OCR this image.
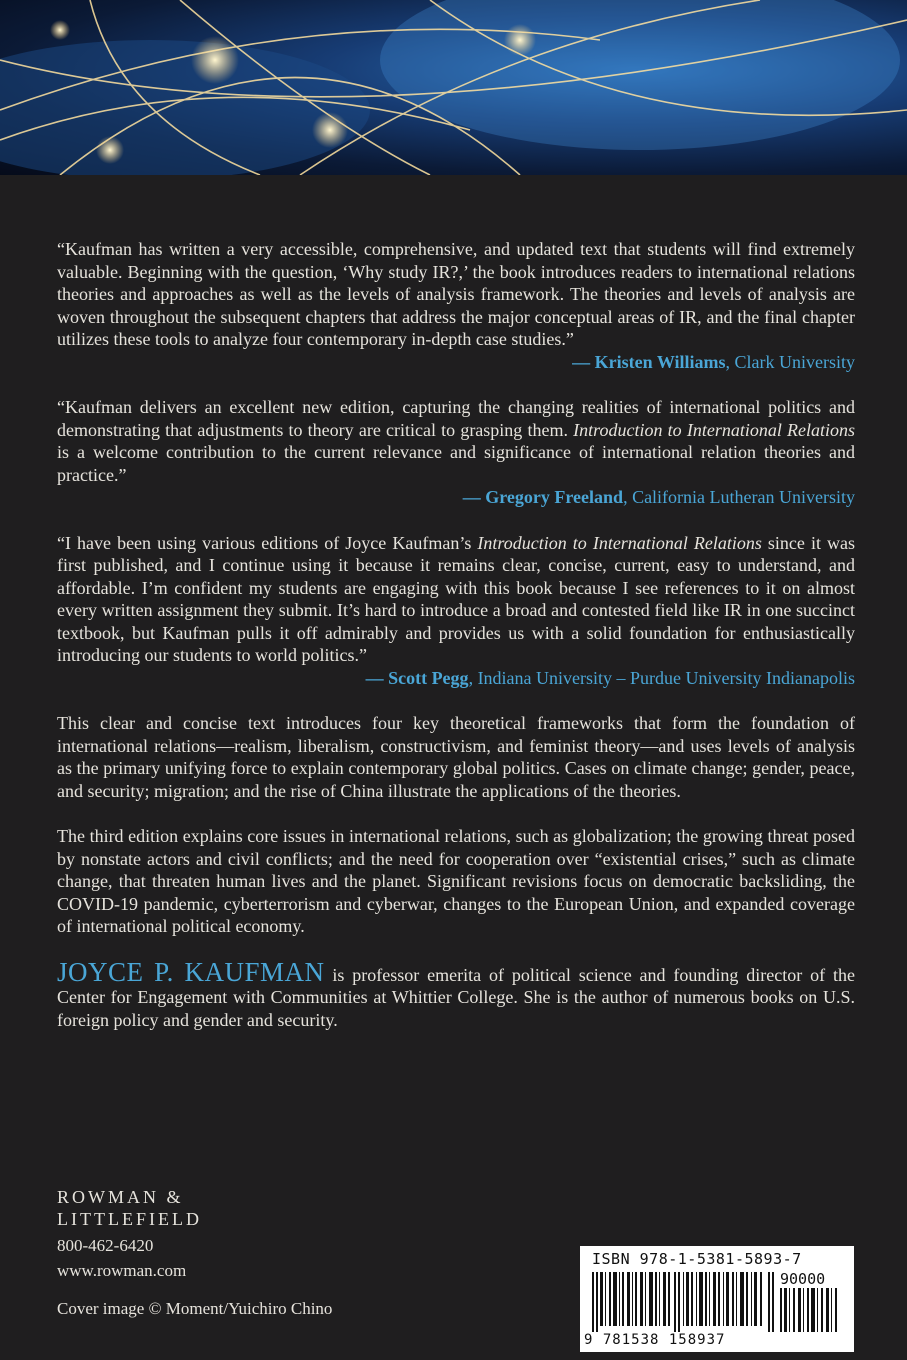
“Kaufman has written a very accessible, comprehensive, and updated text that students will find extremely valuable. Beginning with the question, ‘Why study IR?,’ the book introduces readers to international relations theories and approaches as well as the levels of analysis framework. The theories and levels of analysis are woven throughout the subsequent chapters that address the major conceptual areas of IR, and the final chapter utilizes these tools to analyze four contemporary in-depth case studies.”
— Kristen Williams, Clark University
“Kaufman delivers an excellent new edition, capturing the changing realities of international politics and demonstrating that adjustments to theory are critical to grasping them. Introduction to International Relations is a welcome contribution to the current relevance and significance of international relation theories and practice.”
— Gregory Freeland, California Lutheran University
“I have been using various editions of Joyce Kaufman’s Introduction to International Relations since it was first published, and I continue using it because it remains clear, concise, current, easy to understand, and affordable. I’m confident my students are engaging with this book because I see references to it on almost every written assignment they submit. It’s hard to introduce a broad and contested field like IR in one succinct textbook, but Kaufman pulls it off admirably and provides us with a solid foundation for enthusiastically introducing our students to world politics.”
— Scott Pegg, Indiana University – Purdue University Indianapolis
This clear and concise text introduces four key theoretical frameworks that form the foundation of international relations—realism, liberalism, constructivism, and feminist theory—and uses levels of analysis as the primary unifying force to explain contemporary global politics. Cases on climate change; gender, peace, and security; migration; and the rise of China illustrate the applications of the theories.
The third edition explains core issues in international relations, such as globalization; the growing threat posed by nonstate actors and civil conflicts; and the need for cooperation over “existential crises,” such as climate change, that threaten human lives and the planet. Significant revisions focus on democratic backsliding, the COVID-19 pandemic, cyberterrorism and cyberwar, changes to the European Union, and expanded coverage of international political economy.
JOYCE P. KAUFMAN is professor emerita of political science and founding director of the Center for Engagement with Communities at Whittier College. She is the author of numerous books on U.S. foreign policy and gender and security.
ROWMAN &
LITTLEFIELD
800-462-6420
www.rowman.com
Cover image © Moment/Yuichiro Chino
ISBN 978-1-5381-5893-7
90000
9 781538 158937
